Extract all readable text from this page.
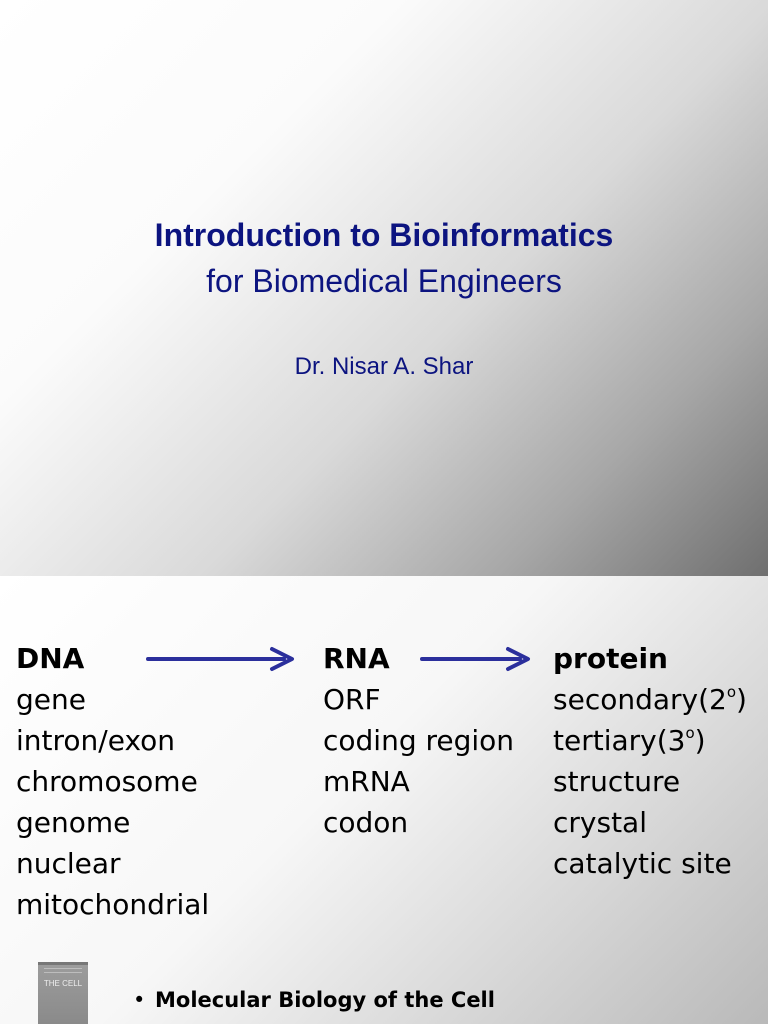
Introduction to Bioinformatics
for Biomedical Engineers
Dr. Nisar A. Shar
DNA
gene
intron/exon
chromosome
genome
nuclear
mitochondrial
RNA
ORF
coding region
mRNA
codon
protein
secondary(2$^o$)
tertiary(3$^o$)
structure
crystal
catalytic site
THE CELL
• Molecular Biology of the Cell
